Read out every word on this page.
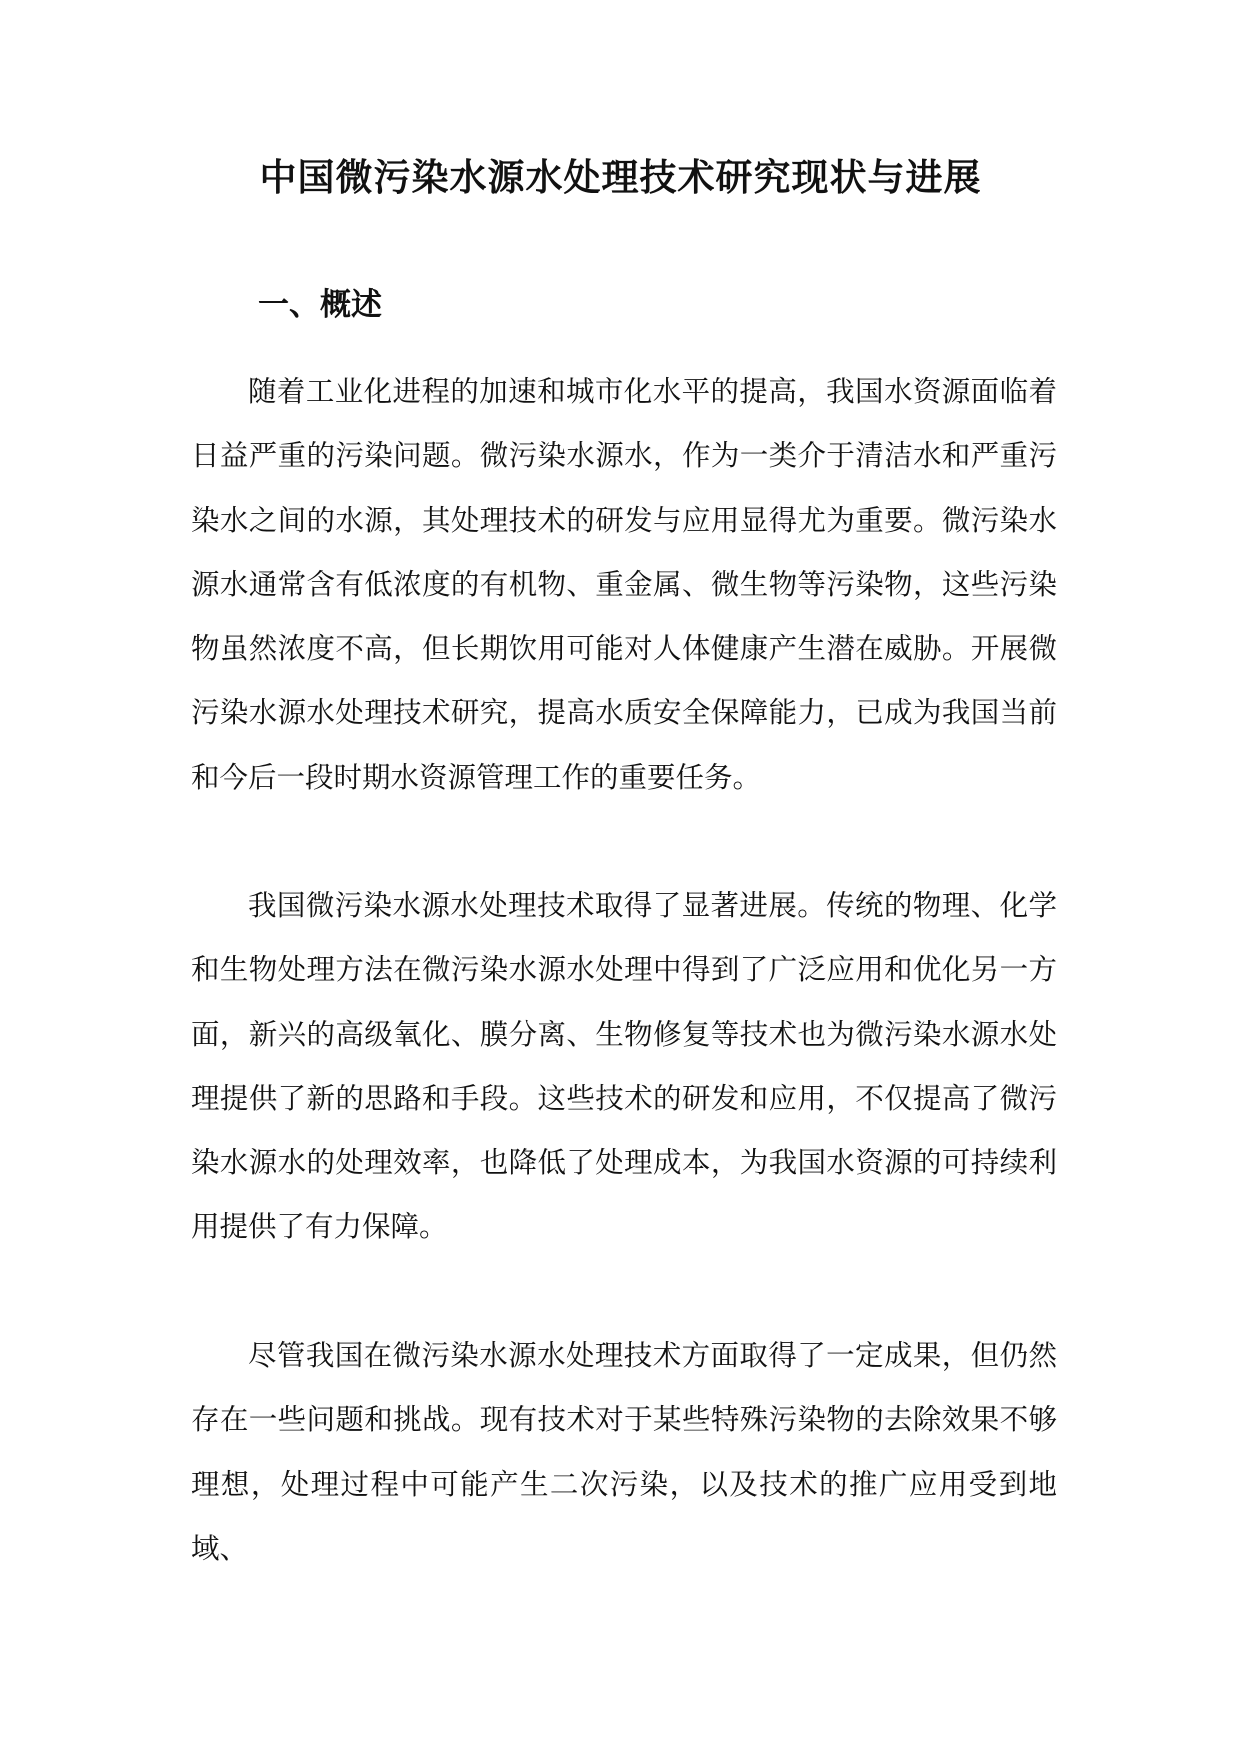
中国微污染水源水处理技术研究现状与进展
一、概述

随着工业化进程的加速和城市化水平的提高，我国水资源面临着日益严重的污染问题。微污染水源水，作为一类介于清洁水和严重污染水之间的水源，其处理技术的研发与应用显得尤为重要。微污染水源水通常含有低浓度的有机物、重金属、微生物等污染物，这些污染物虽然浓度不高，但长期饮用可能对人体健康产生潜在威胁。开展微污染水源水处理技术研究，提高水质安全保障能力，已成为我国当前和今后一段时期水资源管理工作的重要任务。

我国微污染水源水处理技术取得了显著进展。传统的物理、化学和生物处理方法在微污染水源水处理中得到了广泛应用和优化另一方面，新兴的高级氧化、膜分离、生物修复等技术也为微污染水源水处理提供了新的思路和手段。这些技术的研发和应用，不仅提高了微污染水源水的处理效率，也降低了处理成本，为我国水资源的可持续利用提供了有力保障。

尽管我国在微污染水源水处理技术方面取得了一定成果，但仍然存在一些问题和挑战。现有技术对于某些特殊污染物的去除效果不够理想，处理过程中可能产生二次污染，以及技术的推广应用受到地域、
